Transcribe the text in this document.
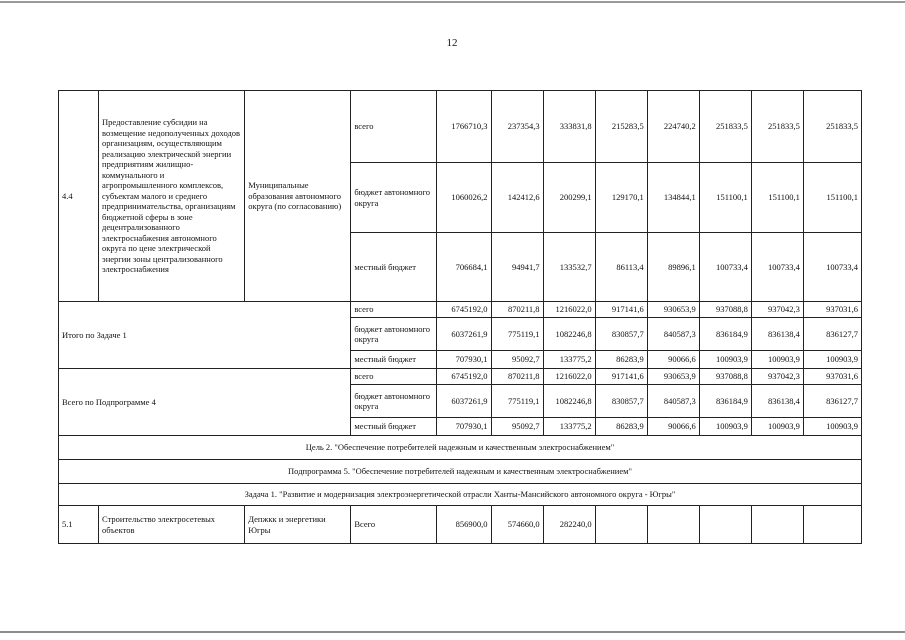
12
4.4	Предоставление субсидии на возмещение недополученных доходов организациям, осуществляющим реализацию электрической энергии предприятиям жилищно-коммунального и агропромышленного комплексов, субъектам малого и среднего предпринимательства, организациям бюджетной сферы в зоне децентрализованного электроснабжения автономного округа по цене электрической энергии зоны централизованного электроснабжения	Муниципальные образования автономного округа (по согласованию)	всего	1766710,3	237354,3	333831,8	215283,5	224740,2	251833,5	251833,5	251833,5
			бюджет автономного округа	1060026,2	142412,6	200299,1	129170,1	134844,1	151100,1	151100,1	151100,1
			местный бюджет	706684,1	94941,7	133532,7	86113,4	89896,1	100733,4	100733,4	100733,4
Итого по Задаче 1			всего	6745192,0	870211,8	1216022,0	917141,6	930653,9	937088,8	937042,3	937031,6
			бюджет автономного округа	6037261,9	775119,1	1082246,8	830857,7	840587,3	836184,9	836138,4	836127,7
			местный бюджет	707930,1	95092,7	133775,2	86283,9	90066,6	100903,9	100903,9	100903,9
Всего по Подпрограмме 4			всего	6745192,0	870211,8	1216022,0	917141,6	930653,9	937088,8	937042,3	937031,6
			бюджет автономного округа	6037261,9	775119,1	1082246,8	830857,7	840587,3	836184,9	836138,4	836127,7
			местный бюджет	707930,1	95092,7	133775,2	86283,9	90066,6	100903,9	100903,9	100903,9
Цель 2. "Обеспечение потребителей надежным и качественным электроснабжением"											
Подпрограмма 5. "Обеспечение потребителей надежным и качественным электроснабжением"											
Задача 1. "Развитие и модернизация электроэнергетической отрасли Ханты-Мансийского автономного округа - Югры"											
5.1	Строительство электросетевых объектов	Депжкк и энергетики Югры	Всего	856900,0	574660,0	282240,0					
